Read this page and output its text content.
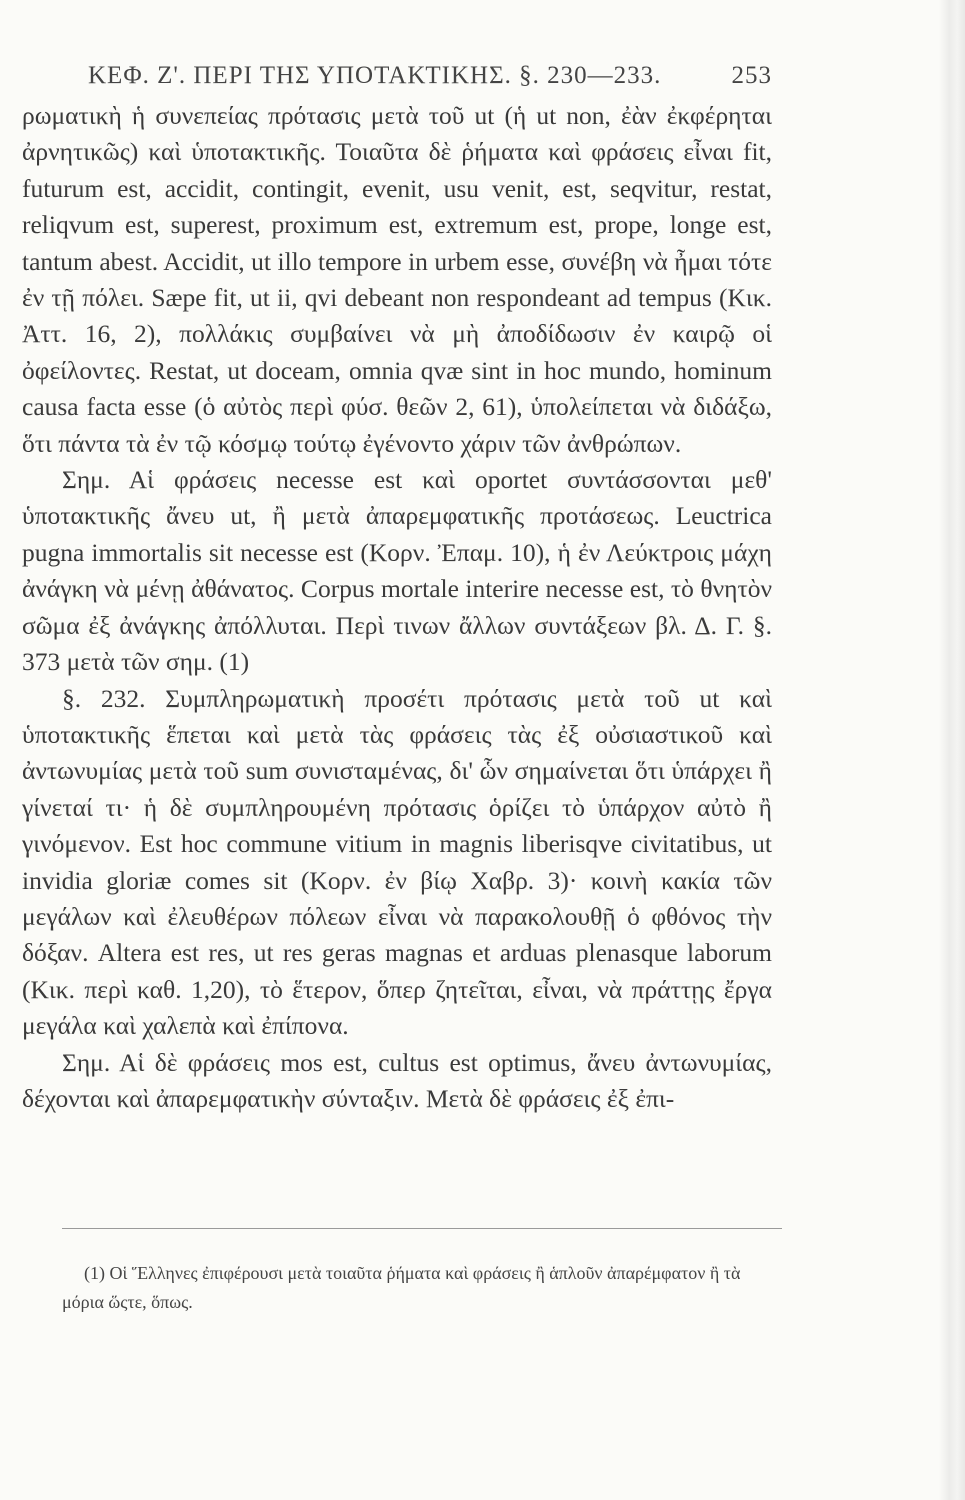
ΚΕΦ. Ζ'. ΠΕΡΙ ΤΗΣ ΥΠΟΤΑΚΤΙΚΗΣ. §. 230—233.	253

ρωματικὴ ἡ συνεπείας πρότασις μετὰ τοῦ ut (ἡ ut non, ἐὰν ἐκφέρηται ἀρνητικῶς) καὶ ὑποτακτικῆς. Τοιαῦτα δὲ ῥήματα καὶ φράσεις εἶναι fit, futurum est, accidit, contingit, evenit, usu venit, est, seqvitur, restat, reliqvum est, superest, proximum est, extremum est, prope, longe est, tantum abest. Accidit, ut illo tempore in urbem esse, συνέβη νὰ ἦμαι τότε ἐν τῇ πόλει. Sæpe fit, ut ii, qvi debeant non respondeant ad tempus (Κικ. Ἀττ. 16, 2), πολλάκις συμβαίνει νὰ μὴ ἀποδίδωσιν ἐν καιρῷ οἱ ὀφείλοντες. Restat, ut doceam, omnia qvæ sint in hoc mundo, hominum causa facta esse (ὁ αὐτὸς περὶ φύσ. θεῶν 2, 61), ὑπολείπεται νὰ διδάξω, ὅτι πάντα τὰ ἐν τῷ κόσμῳ τούτῳ ἐγένοντο χάριν τῶν ἀνθρώπων.

Σημ. Αἱ φράσεις necesse est καὶ oportet συντάσσονται μεθ' ὑποτακτικῆς ἄνευ ut, ἢ μετὰ ἀπαρεμφατικῆς προτάσεως. Leuctrica pugna immortalis sit necesse est (Κορν. Ἐπαμ. 10), ἡ ἐν Λεύκτροις μάχη ἀνάγκη νὰ μένῃ ἀθάνατος. Corpus mortale interire necesse est, τὸ θνητὸν σῶμα ἐξ ἀνάγκης ἀπόλλυται. Περὶ τινων ἄλλων συντάξεων βλ. Δ. Γ. §. 373 μετὰ τῶν σημ. (1)

§. 232. Συμπληρωματικὴ προσέτι πρότασις μετὰ τοῦ ut καὶ ὑποτακτικῆς ἕπεται καὶ μετὰ τὰς φράσεις τὰς ἐξ οὐσιαστικοῦ καὶ ἀντωνυμίας μετὰ τοῦ sum συνισταμένας, δι' ὧν σημαίνεται ὅτι ὑπάρχει ἢ γίνεταί τι· ἡ δὲ συμπληρουμένη πρότασις ὁρίζει τὸ ὑπάρχον αὐτὸ ἢ γινόμενον. Est hoc commune vitium in magnis liberisqve civitatibus, ut invidia gloriæ comes sit (Κορν. ἐν βίῳ Χαβρ. 3)· κοινὴ κακία τῶν μεγάλων καὶ ἐλευθέρων πόλεων εἶναι νὰ παρακολουθῇ ὁ φθόνος τὴν δόξαν. Altera est res, ut res geras magnas et arduas plenasque laborum (Κικ. περὶ καθ. 1,20), τὸ ἕτερον, ὅπερ ζητεῖται, εἶναι, νὰ πράττῃς ἔργα μεγάλα καὶ χαλεπὰ καὶ ἐπίπονα.

Σημ. Αἱ δὲ φράσεις mos est, cultus est optimus, ἄνευ ἀντωνυμίας, δέχονται καὶ ἀπαρεμφατικὴν σύνταξιν. Μετὰ δὲ φράσεις ἐξ ἐπι-

(1) Οἱ Ἕλληνες ἐπιφέρουσι μετὰ τοιαῦτα ῥήματα καὶ φράσεις ἢ ἁπλοῦν ἀπαρέμφατον ἢ τὰ μόρια ὥςτε, ὅπως.
